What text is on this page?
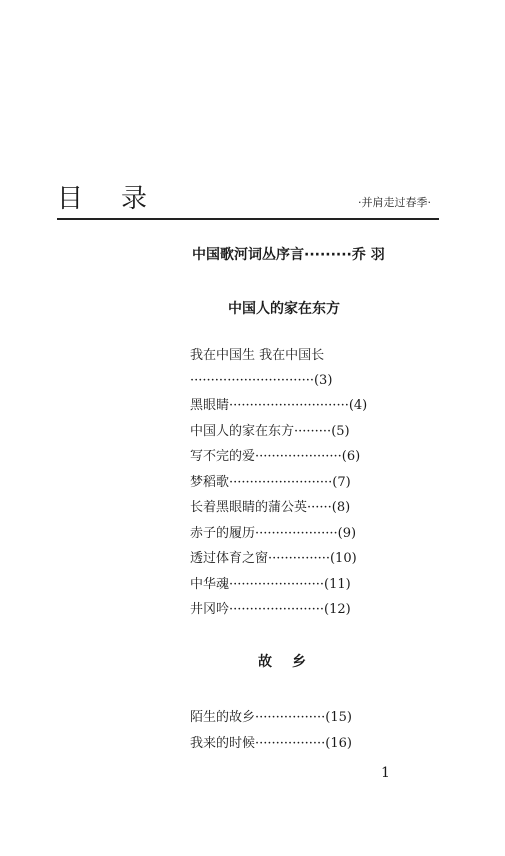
目录	·并肩走过春季·
中国歌河词丛序言·········乔 羽
中国人的家在东方
我在中国生 我在中国长 ······························(3)
黑眼睛·····························(4)
中国人的家在东方·········(5)
写不完的爱·····················(6)
梦稻歌·························(7)
长着黑眼睛的蒲公英······(8)
赤子的履历····················(9)
透过体育之窗···············(10)
中华魂·······················(11)
井冈吟·······················(12)
故乡
陌生的故乡·················(15)
我来的时候·················(16)
1
